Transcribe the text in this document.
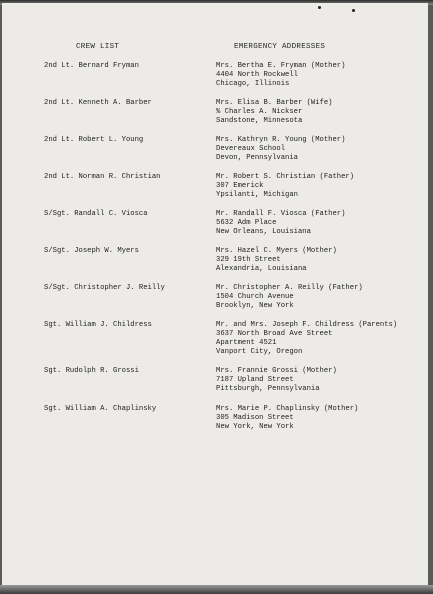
CREW LIST	EMERGENCY ADDRESSES
2nd Lt. Bernard Fryman	Mrs. Bertha E. Fryman (Mother)
4404 North Rockwell
Chicago, Illinois
2nd Lt. Kenneth A. Barber	Mrs. Elisa B. Barber (Wife)
% Charles A. Nickser
Sandstone, Minnesota
2nd Lt. Robert L. Young	Mrs. Kathryn R. Young (Mother)
Devereaux School
Devon, Pennsylvania
2nd Lt. Norman R. Christian	Mr. Robert S. Christian (Father)
307 Emerick
Ypsilanti, Michigan
S/Sgt. Randall C. Viosca	Mr. Randall F. Viosca (Father)
5632 Adm Place
New Orleans, Louisiana
S/Sgt. Joseph W. Myers	Mrs. Hazel C. Myers (Mother)
329 19th Street
Alexandria, Louisiana
S/Sgt. Christopher J. Reilly	Mr. Christopher A. Reilly (Father)
1504 Church Avenue
Brooklyn, New York
Sgt. William J. Childress	Mr. and Mrs. Joseph F. Childress (Parents)
3637 North Broad Ave Street
Apartment 4521
Vanport City, Oregon
Sgt. Rudolph R. Grossi	Mrs. Frannie Grossi (Mother)
7187 Upland Street
Pittsburgh, Pennsylvania
Sgt. William A. Chaplinsky	Mrs. Marie P. Chaplinsky (Mother)
305 Madison Street
New York, New York
